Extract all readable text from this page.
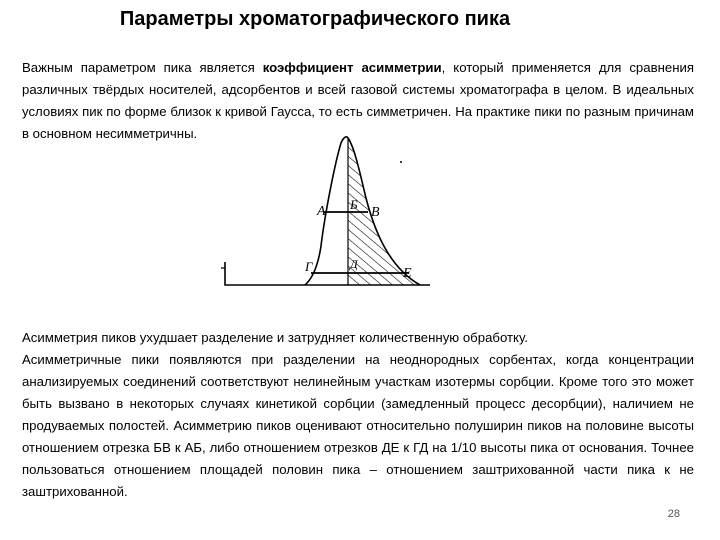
Параметры хроматографического пика

Важным параметром пика является коэффициент асимметрии, который применяется для сравнения различных твёрдых носителей, адсорбентов и всей газовой системы хроматографа в целом. В идеальных условиях пик по форме близок к кривой Гаусса, то есть симметричен. На практике пики по разным причинам в основном несимметричны.

А Б
В
Г	Д
Е

Асимметрия пиков ухудшает разделение и затрудняет количественную обработку.

Асимметричные пики появляются при разделении на неоднородных сорбентах, когда концентрации анализируемых соединений соответствуют нелинейным участкам изотермы сорбции. Кроме того это может быть вызвано в некоторых случаях кинетикой сорбции (замедленный процесс десорбции), наличием не продуваемых полостей. Асимметрию пиков оценивают относительно полуширин пиков на половине высоты отношением отрезка БВ к АБ, либо отношением отрезков ДЕ к ГД на 1/10 высоты пика от основания. Точнее пользоваться отношением площадей половин пика – отношением заштрихованной части пика к не заштрихованной.

28
